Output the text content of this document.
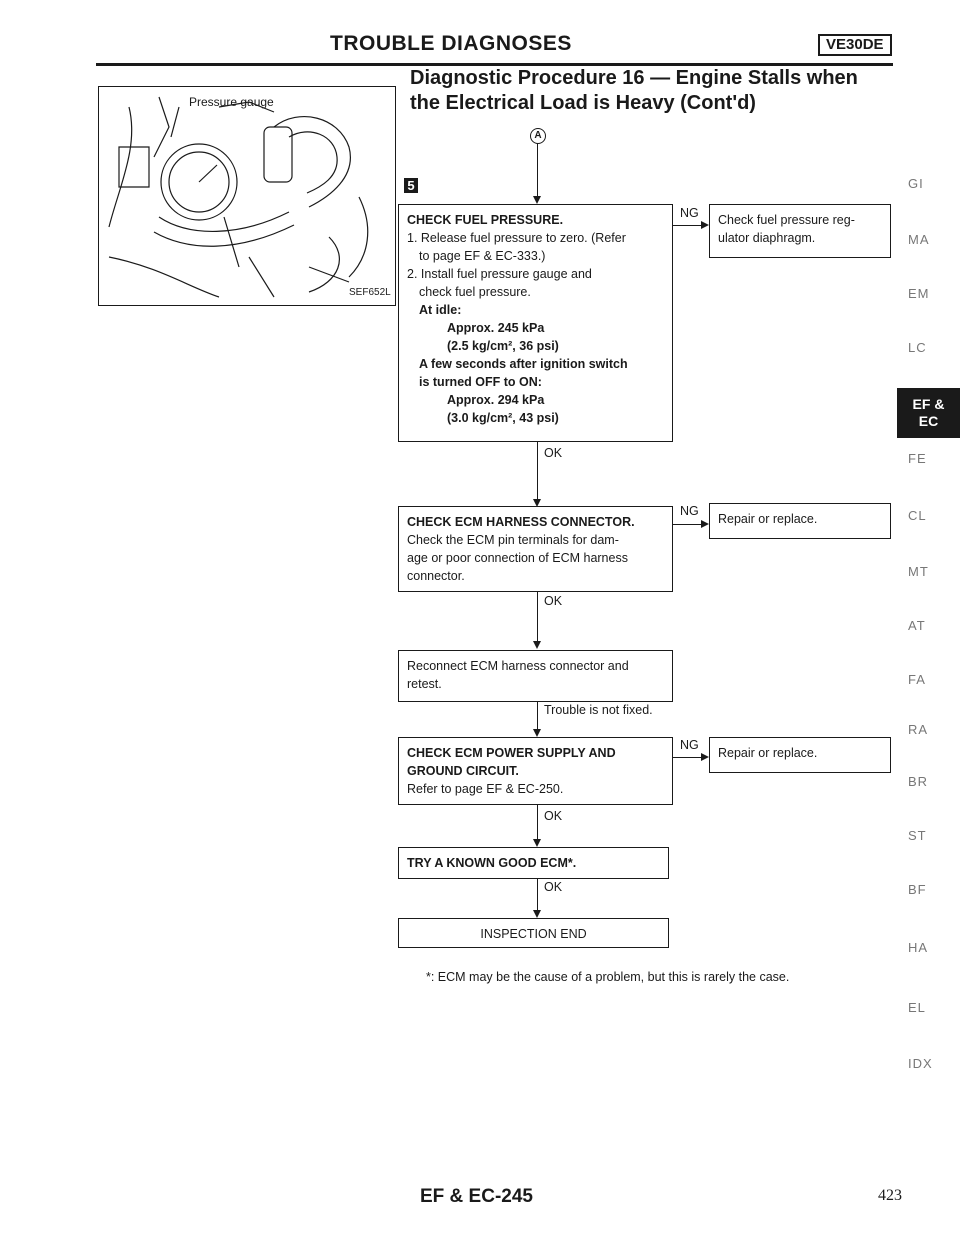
TROUBLE DIAGNOSES	VE30DE
Diagnostic Procedure 16 — Engine Stalls when
the Electrical Load is Heavy (Cont'd)
Pressure gauge
SEF652L
A
5
CHECK FUEL PRESSURE.
1. Release fuel pressure to zero. (Refer
to page EF & EC-333.)
2. Install fuel pressure gauge and
check fuel pressure.
At idle:
Approx. 245 kPa
(2.5 kg/cm², 36 psi)
A few seconds after ignition switch
is turned OFF to ON:
Approx. 294 kPa
(3.0 kg/cm², 43 psi)
NG Check fuel pressure reg-
ulator diaphragm.
OK
CHECK ECM HARNESS CONNECTOR.
Check the ECM pin terminals for dam-
age or poor connection of ECM harness
connector.
NG
Repair or replace.
OK
Reconnect ECM harness connector and
retest.
Trouble is not fixed.
CHECK ECM POWER SUPPLY AND
GROUND CIRCUIT.
Refer to page EF & EC-250.
NG
Repair or replace.
OK
TRY A KNOWN GOOD ECM*.
OK
INSPECTION END
*: ECM may be the cause of a problem, but this is rarely the case.
GI
MA
EM
LC
EF &
EC
FE
CL
MT
AT
FA
RA
BR
ST
BF
HA
EL
IDX
EF & EC-245	423
